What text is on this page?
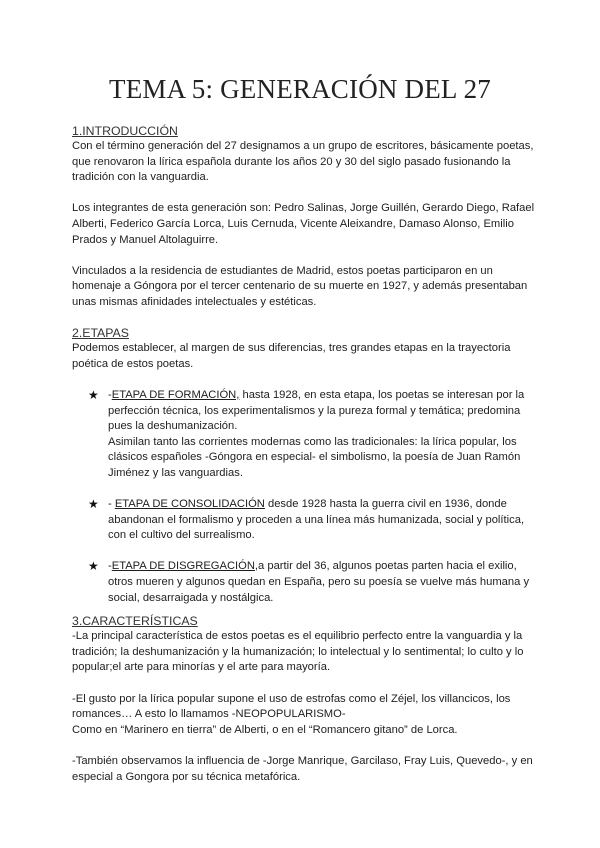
TEMA 5: GENERACIÓN DEL 27
1.INTRODUCCIÓN

Con el término generación del 27 designamos a un grupo de escritores, básicamente poetas, que renovaron la lírica española durante los años 20 y 30 del siglo pasado fusionando la tradición con la vanguardia.

Los integrantes de esta generación son: Pedro Salinas, Jorge Guillén, Gerardo Diego, Rafael Alberti, Federico García Lorca, Luis Cernuda, Vicente Aleixandre, Damaso Alonso, Emilio Prados y Manuel Altolaguirre.

Vinculados a la residencia de estudiantes de Madrid, estos poetas participaron en un homenaje a Góngora por el tercer centenario de su muerte en 1927, y además presentaban unas mismas afinidades intelectuales y estéticas.

2.ETAPAS

Podemos establecer, al margen de sus diferencias, tres grandes etapas en la trayectoria poética de estos poetas.

★ -ETAPA DE FORMACIÓN, hasta 1928, en esta etapa, los poetas se interesan por la perfección técnica, los experimentalismos y la pureza formal y temática; predomina pues la deshumanización.

Asimilan tanto las corrientes modernas como las tradicionales: la lírica popular, los clásicos españoles -Góngora en especial- el simbolismo, la poesía de Juan Ramón Jiménez y las vanguardias.

★ - ETAPA DE CONSOLIDACIÓN desde 1928 hasta la guerra civil en 1936, donde abandonan el formalismo y proceden a una línea más humanizada, social y política, con el cultivo del surrealismo.

★ -ETAPA DE DISGREGACIÓN,a partir del 36, algunos poetas parten hacia el exilio, otros mueren y algunos quedan en España, pero su poesía se vuelve más humana y social, desarraigada y nostálgica.

3.CARACTERÍSTICAS

-La principal característica de estos poetas es el equilibrio perfecto entre la vanguardia y la tradición; la deshumanización y la humanización; lo intelectual y lo sentimental; lo culto y lo popular;el arte para minorías y el arte para mayoría.

-El gusto por la lírica popular supone el uso de estrofas como el Zéjel, los villancicos, los romances… A esto lo llamamos -NEOPOPULARISMO-

Como en “Marinero en tierra” de Alberti, o en el “Romancero gitano” de Lorca.

-También observamos la influencia de -Jorge Manrique, Garcilaso, Fray Luis, Quevedo-, y en especial a Gongora por su técnica metafórica.
